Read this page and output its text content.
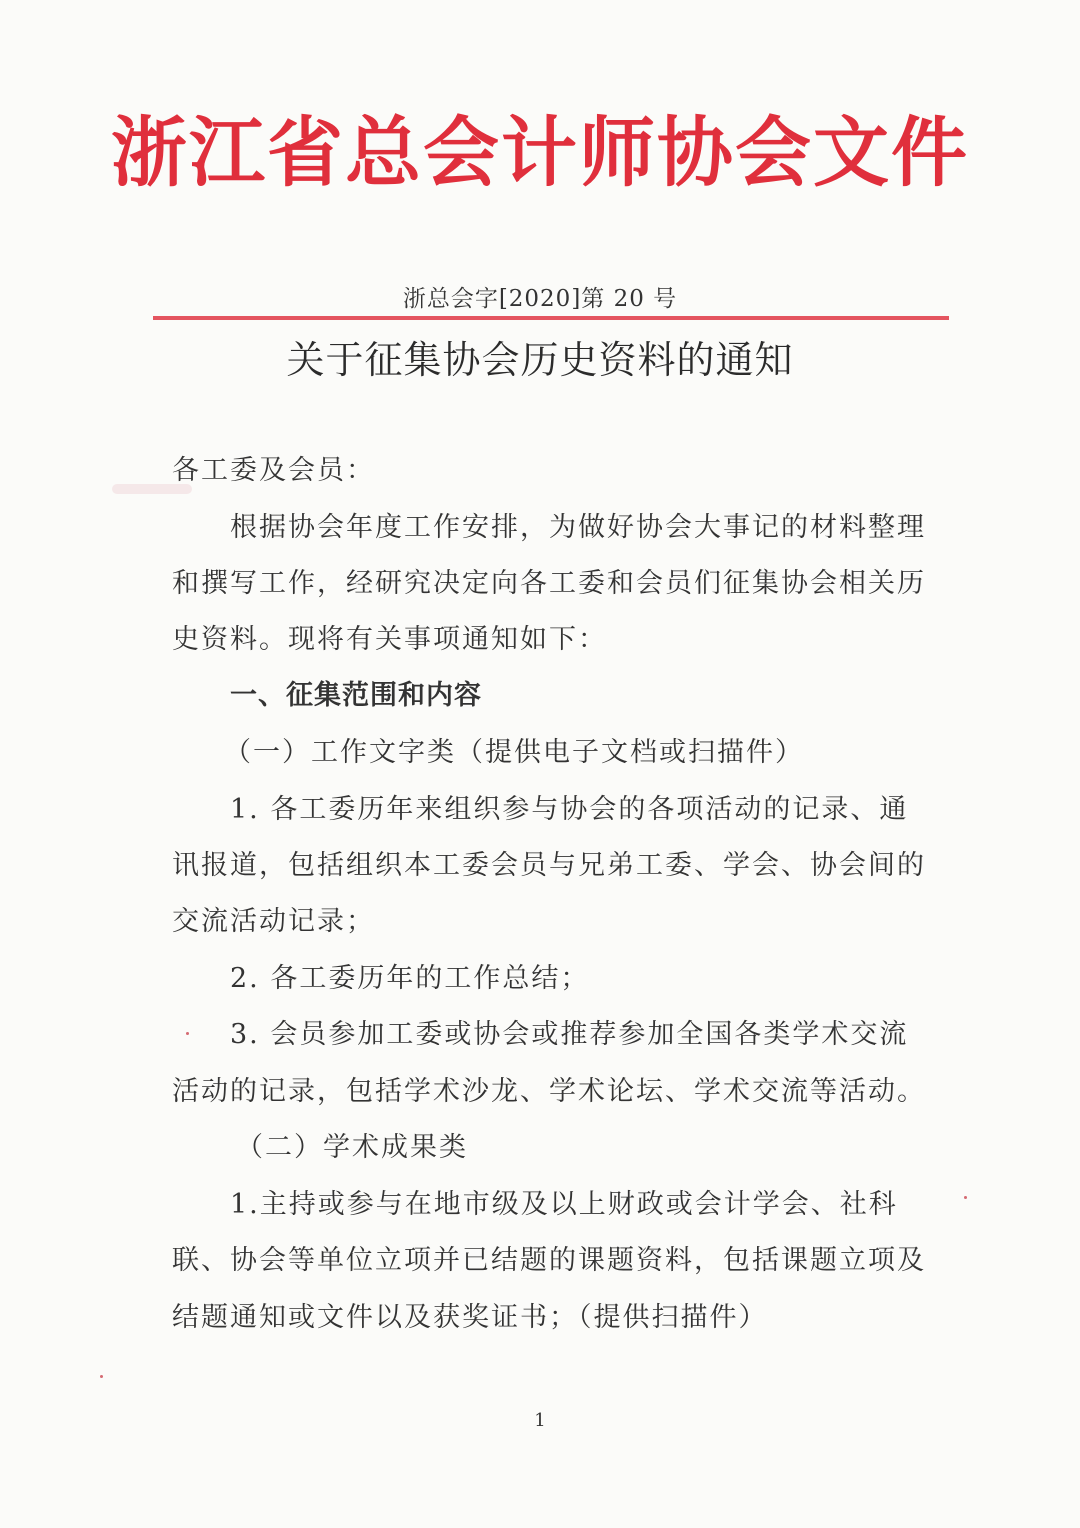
浙江省总会计师协会文件
浙总会字[2020]第 20 号
关于征集协会历史资料的通知
各工委及会员：
根据协会年度工作安排，为做好协会大事记的材料整理
和撰写工作，经研究决定向各工委和会员们征集协会相关历
史资料。现将有关事项通知如下：
一、征集范围和内容
（一）工作文字类（提供电子文档或扫描件）
1. 各工委历年来组织参与协会的各项活动的记录、通
讯报道，包括组织本工委会员与兄弟工委、学会、协会间的
交流活动记录；
2. 各工委历年的工作总结；
3. 会员参加工委或协会或推荐参加全国各类学术交流
活动的记录，包括学术沙龙、学术论坛、学术交流等活动。
（二）学术成果类
1.主持或参与在地市级及以上财政或会计学会、社科
联、协会等单位立项并已结题的课题资料，包括课题立项及
结题通知或文件以及获奖证书；（提供扫描件）
1
